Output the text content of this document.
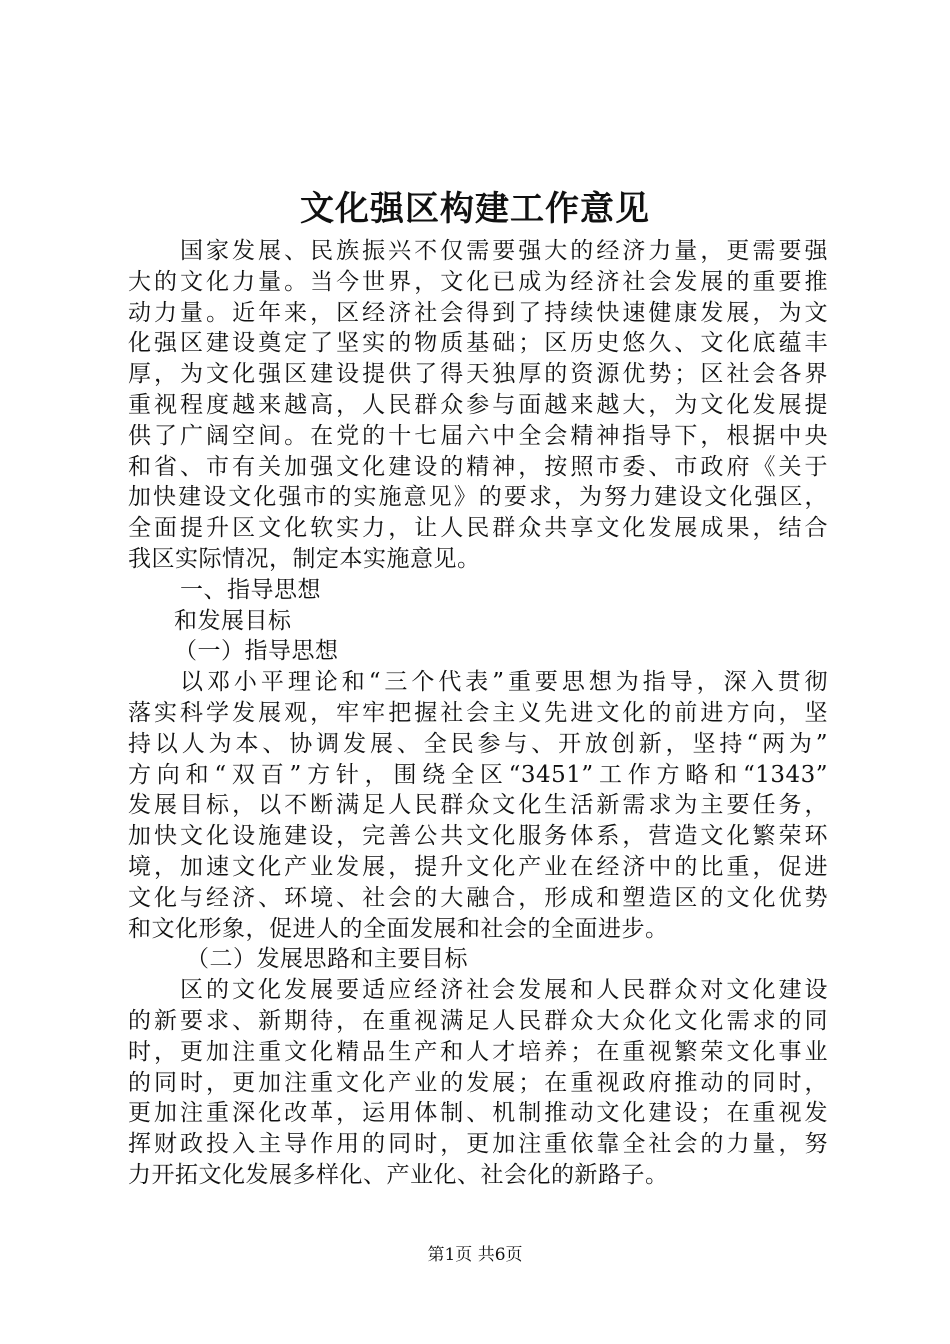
文化强区构建工作意见
国家发展、民族振兴不仅需要强大的经济力量，更需要强
大的文化力量。当今世界，文化已成为经济社会发展的重要推
动力量。近年来，区经济社会得到了持续快速健康发展，为文
化强区建设奠定了坚实的物质基础；区历史悠久、文化底蕴丰
厚，为文化强区建设提供了得天独厚的资源优势；区社会各界
重视程度越来越高，人民群众参与面越来越大，为文化发展提
供了广阔空间。在党的十七届六中全会精神指导下，根据中央
和省、市有关加强文化建设的精神，按照市委、市政府《关于
加快建设文化强市的实施意见》的要求，为努力建设文化强区，
全面提升区文化软实力，让人民群众共享文化发展成果，结合
我区实际情况，制定本实施意见。
一、指导思想
和发展目标
（一）指导思想
以邓小平理论和“三个代表”重要思想为指导，深入贯彻
落实科学发展观，牢牢把握社会主义先进文化的前进方向，坚
持以人为本、协调发展、全民参与、开放创新，坚持“两为”
方向和“双百”方针，围绕全区“3451”工作方略和“1343”
发展目标，以不断满足人民群众文化生活新需求为主要任务，
加快文化设施建设，完善公共文化服务体系，营造文化繁荣环
境，加速文化产业发展，提升文化产业在经济中的比重，促进
文化与经济、环境、社会的大融合，形成和塑造区的文化优势
和文化形象，促进人的全面发展和社会的全面进步。
（二）发展思路和主要目标
区的文化发展要适应经济社会发展和人民群众对文化建设
的新要求、新期待，在重视满足人民群众大众化文化需求的同
时，更加注重文化精品生产和人才培养；在重视繁荣文化事业
的同时，更加注重文化产业的发展；在重视政府推动的同时，
更加注重深化改革，运用体制、机制推动文化建设；在重视发
挥财政投入主导作用的同时，更加注重依靠全社会的力量，努
力开拓文化发展多样化、产业化、社会化的新路子。
第1页 共6页
